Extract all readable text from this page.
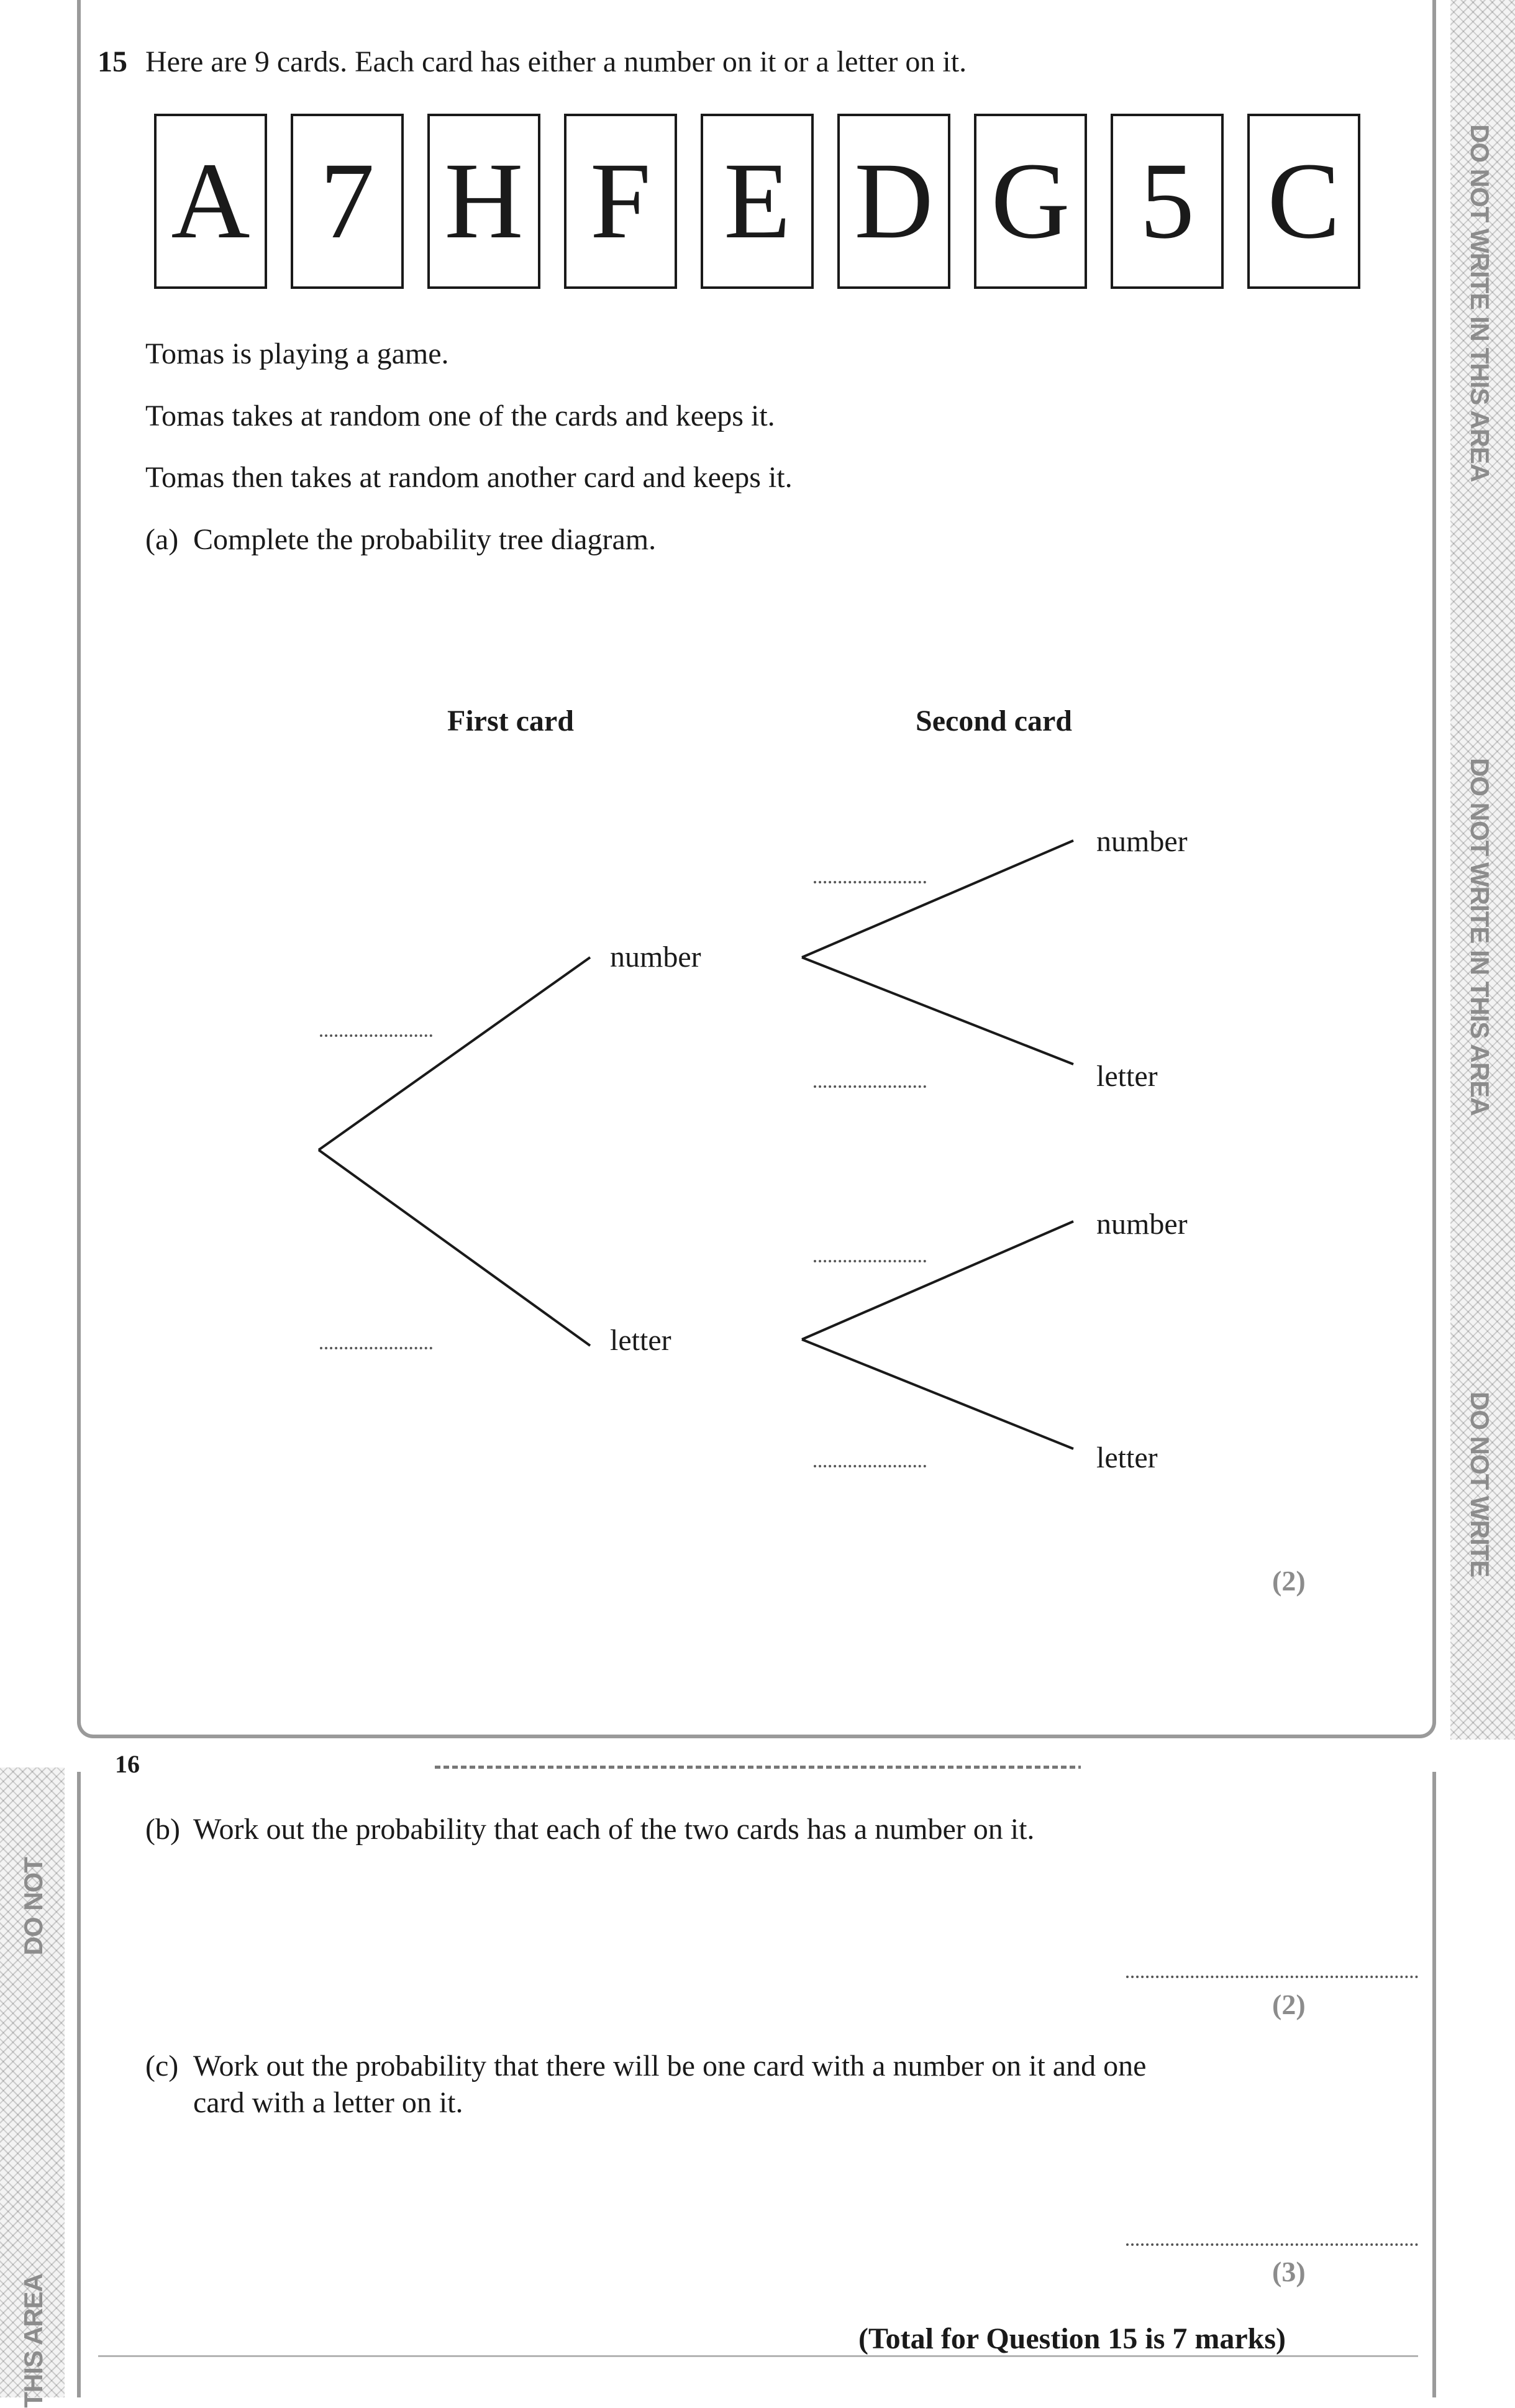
DO NOT WRITE IN THIS AREA
DO NOT WRITE IN THIS AREA
DO NOT WRITE
DO NOT
THIS AREA
16
15 Here are 9 cards. Each card has either a number on it or a letter on it.
A 7 H F E D G 5 C
Tomas is playing a game.
Tomas takes at random one of the cards and keeps it.
Tomas then takes at random another card and keeps it.
(a) Complete the probability tree diagram.
First card	Second card
number
letter
number
letter
number
letter
(2)
(b) Work out the probability that each of the two cards has a number on it.
(2)
(c) Work out the probability that there will be one card with a number on it and one
card with a letter on it.
(3)
(Total for Question 15 is 7 marks)
